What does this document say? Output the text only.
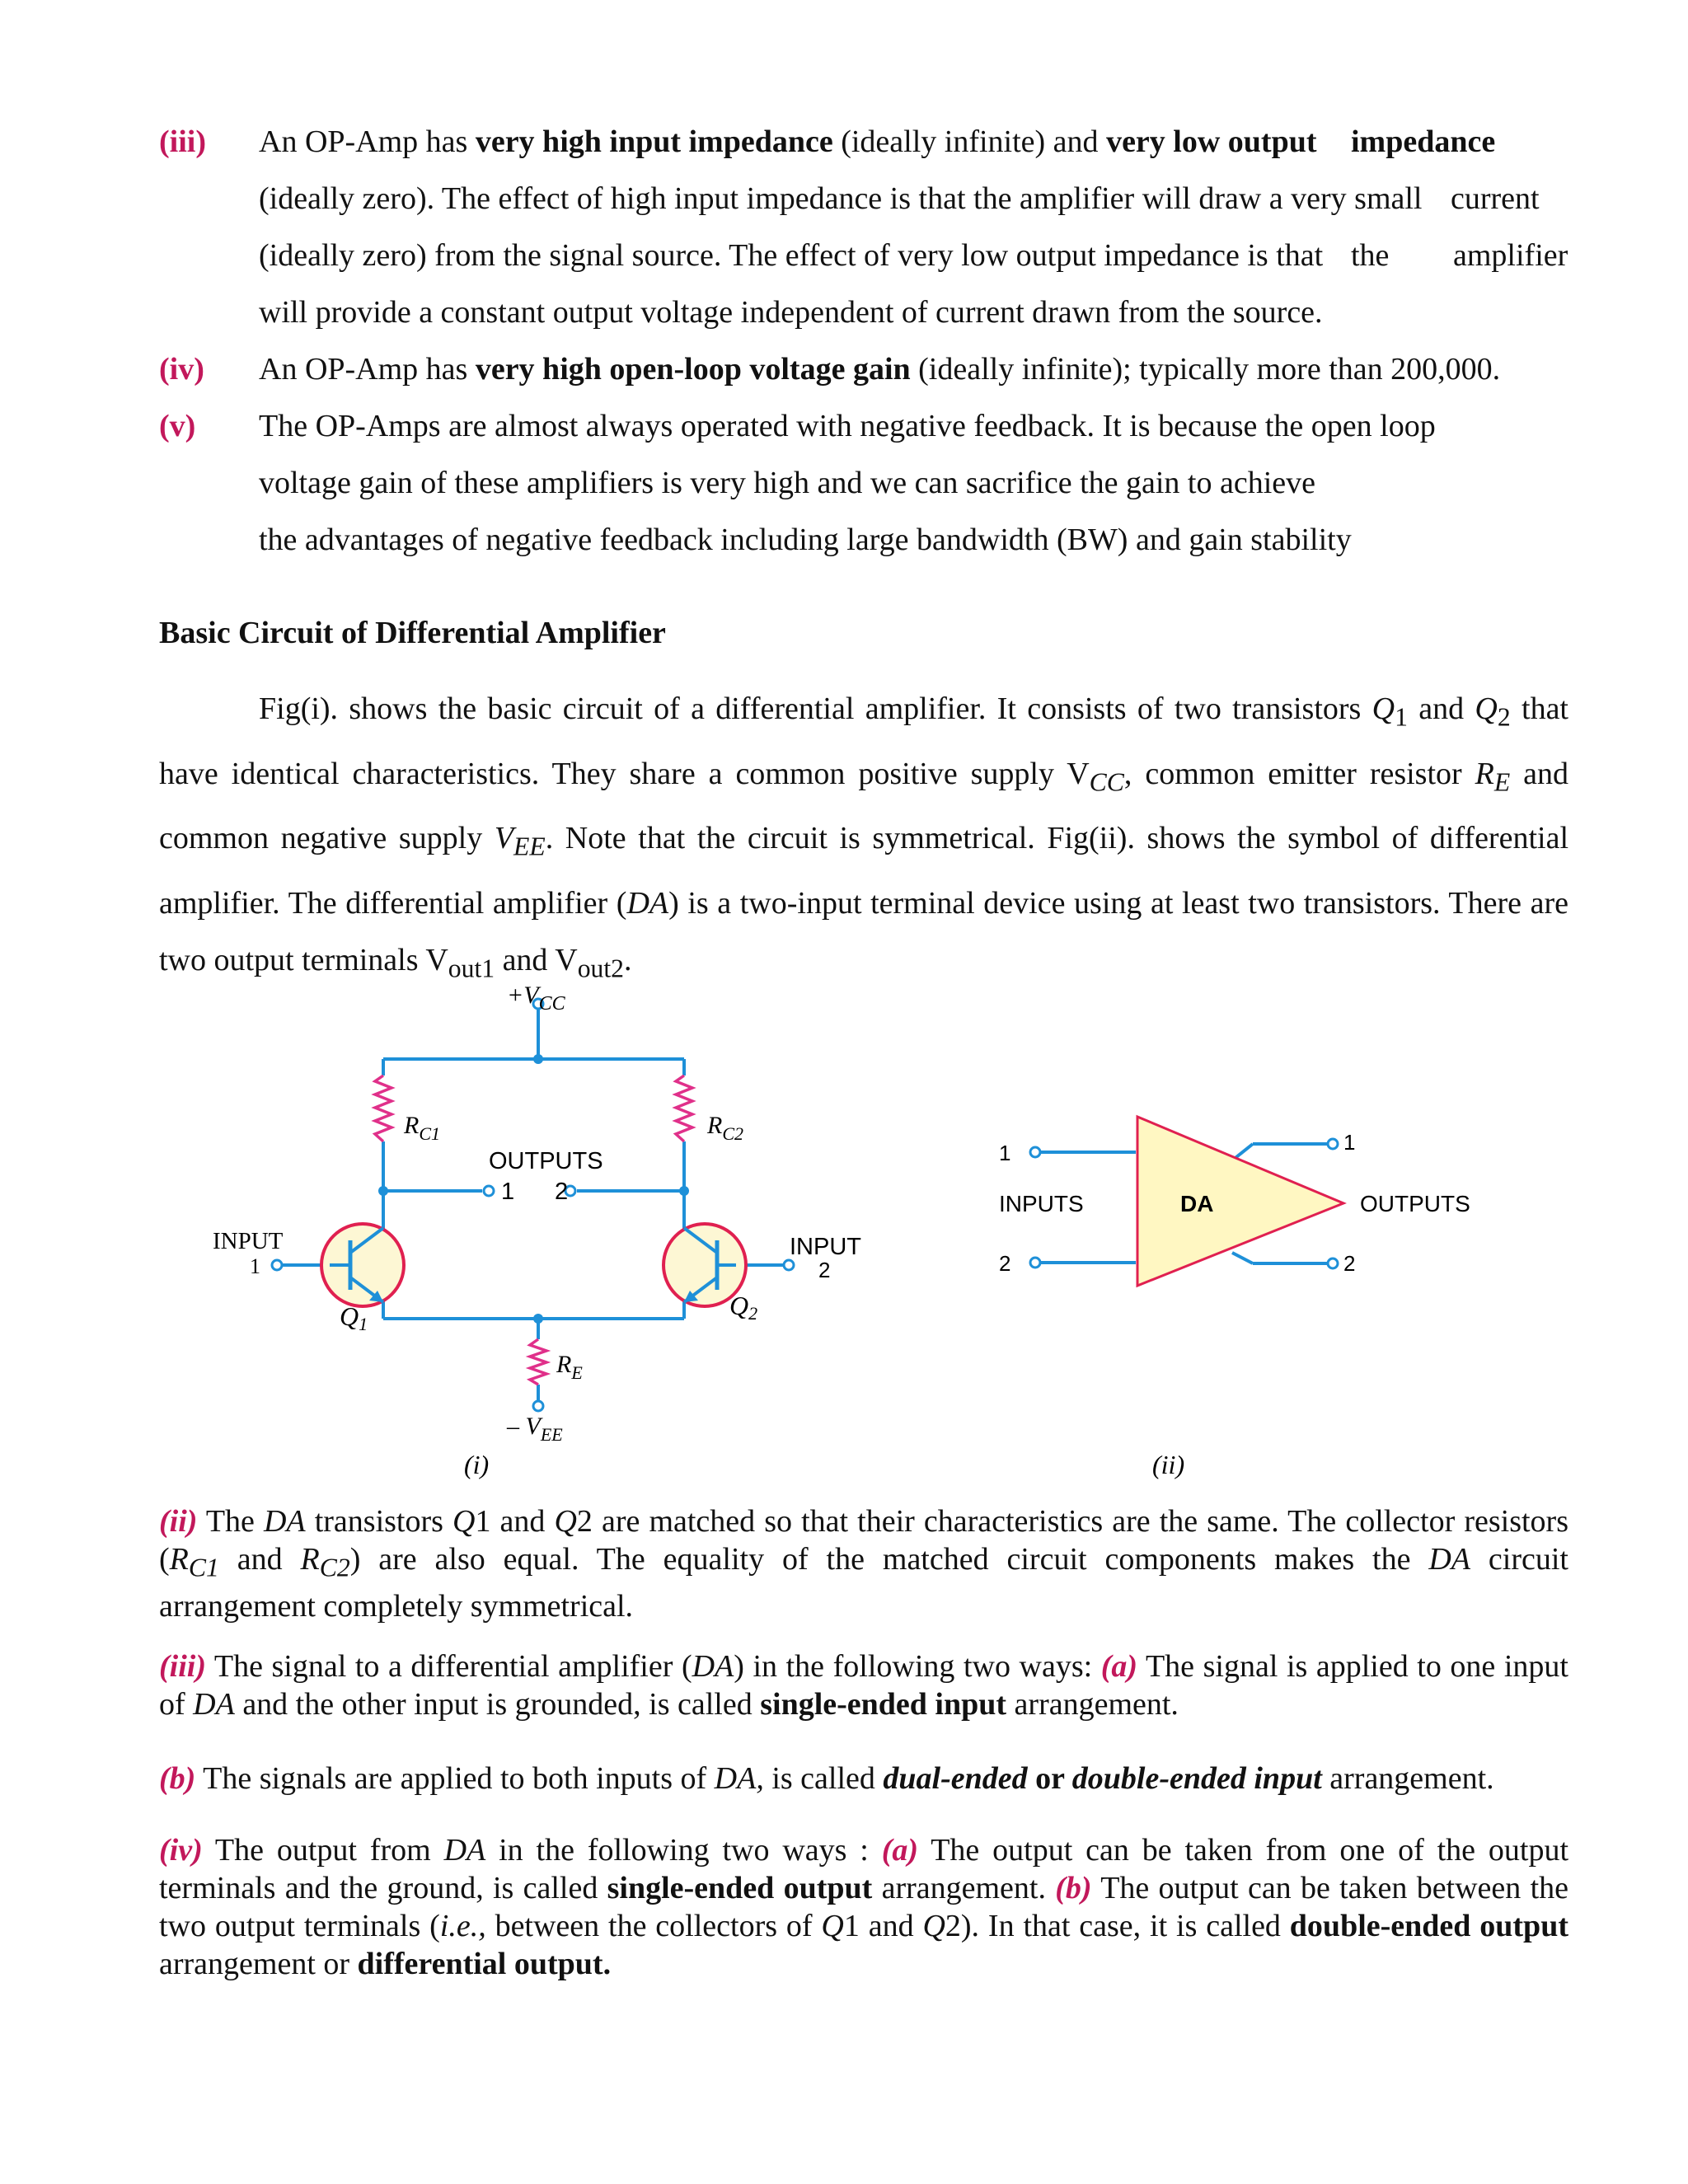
(iii) An OP-Amp has very high input impedance (ideally infinite) and very low output impedance
(ideally zero). The effect of high input impedance is that the amplifier will draw a very small current
(ideally zero) from the signal source. The effect of very low output impedance is that the amplifier
will provide a constant output voltage independent of current drawn from the source.
(iv) An OP-Amp has very high open-loop voltage gain (ideally infinite); typically more than 200,000.
(v) The OP-Amps are almost always operated with negative feedback. It is because the open loop
voltage gain of these amplifiers is very high and we can sacrifice the gain to achieve
the advantages of negative feedback including large bandwidth (BW) and gain stability
Basic Circuit of Differential Amplifier
Fig(i). shows the basic circuit of a differential amplifier. It consists of two transistors $Q_1$ and $Q_2$ that have identical characteristics. They share a common positive supply $V_{CC}$, common emitter resistor $R_E$ and common negative supply $V_{EE}$. Note that the circuit is symmetrical. Fig(ii). shows the symbol of differential amplifier. The differential amplifier (DA) is a two-input terminal device using at least two transistors. There are two output terminals $V_{out1}$ and $V_{out2}$.
$+V_{CC}$
$R_{C1}$	$R_{C2}$
OUTPUTS
1 2
INPUT
1
INPUT
2
Q1
Q2
$R_E$
– $V_{EE}$
(i)	(ii)
1
2
INPUTS	DA	OUTPUTS
1
2
(ii) The DA transistors Q1 and Q2 are matched so that their characteristics are the same. The collector resistors ($R_{C1}$ and $R_{C2}$) are also equal. The equality of the matched circuit components makes the DA circuit arrangement completely symmetrical.
(iii) The signal to a differential amplifier (DA) in the following two ways: (a) The signal is applied to one input of DA and the other input is grounded, is called single-ended input arrangement.
(b) The signals are applied to both inputs of DA, is called dual-ended or double-ended input arrangement.
(iv) The output from DA in the following two ways : (a) The output can be taken from one of the output terminals and the ground, is called single-ended output arrangement. (b) The output can be taken between the two output terminals (i.e., between the collectors of Q1 and Q2). In that case, it is called double-ended output arrangement or differential output.
